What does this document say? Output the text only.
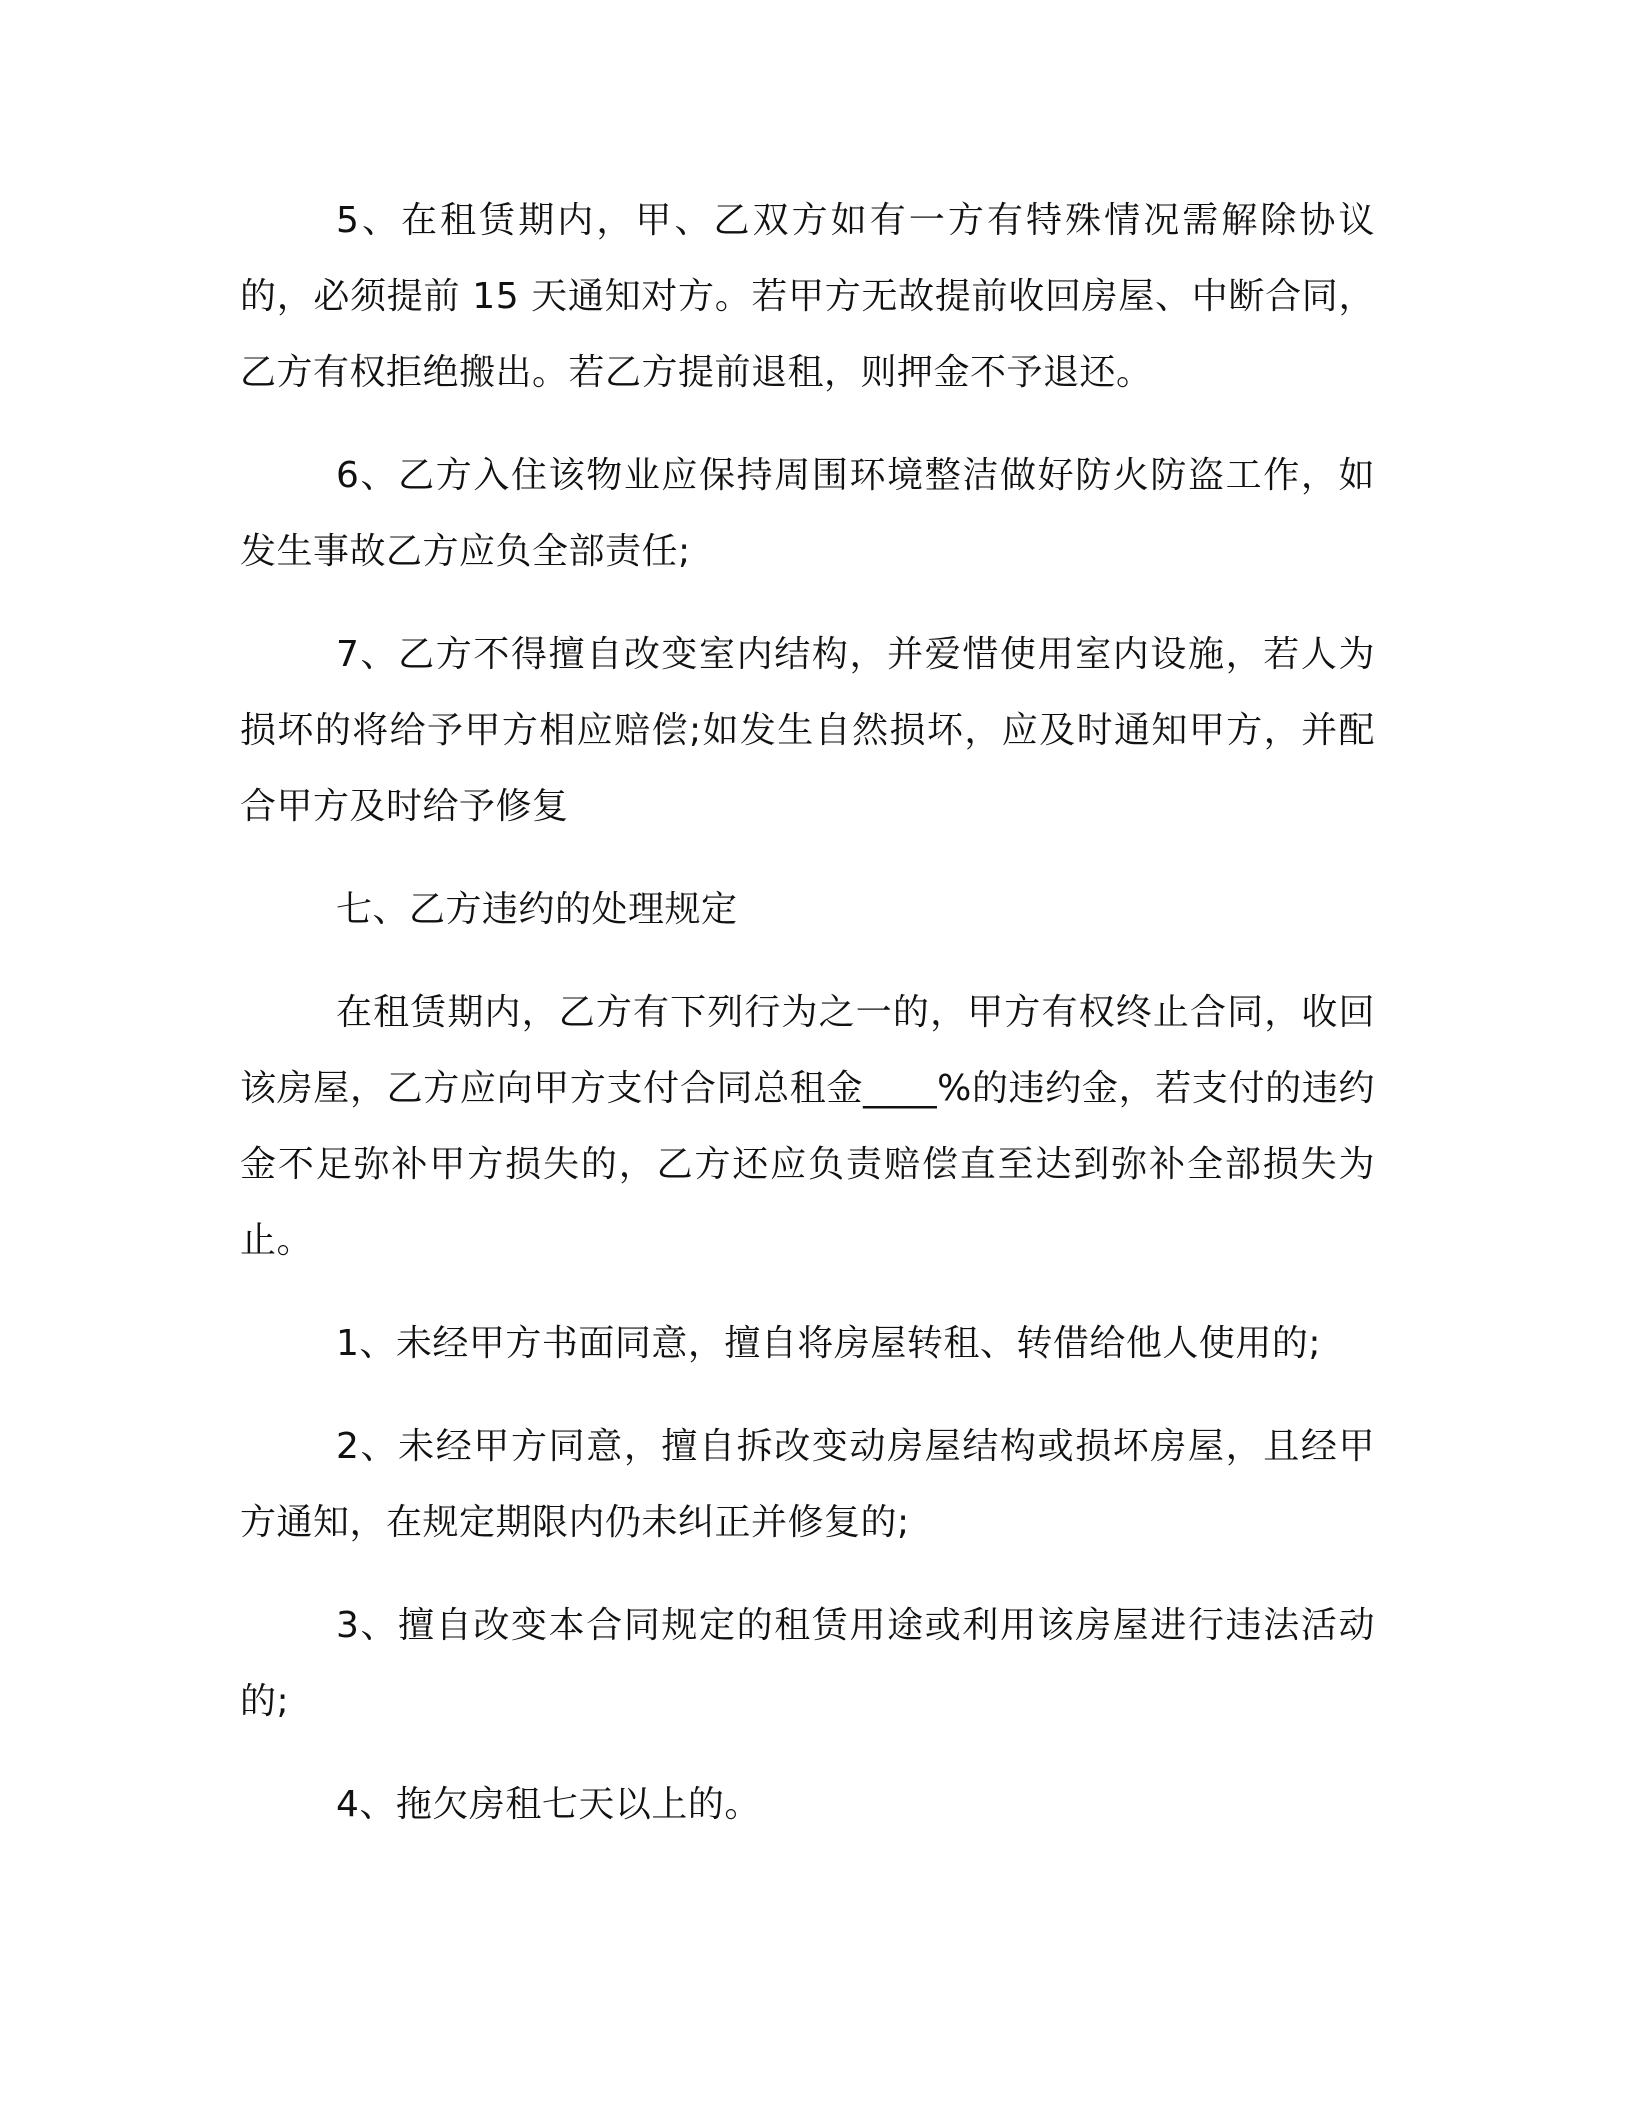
5、在租赁期内，甲、乙双方如有一方有特殊情况需解除协议的，必须提前 15 天通知对方。若甲方无故提前收回房屋、中断合同，乙方有权拒绝搬出。若乙方提前退租，则押金不予退还。

6、乙方入住该物业应保持周围环境整洁做好防火防盗工作，如发生事故乙方应负全部责任;

7、乙方不得擅自改变室内结构，并爱惜使用室内设施，若人为损坏的将给予甲方相应赔偿;如发生自然损坏，应及时通知甲方，并配合甲方及时给予修复

七、乙方违约的处理规定

在租赁期内，乙方有下列行为之一的，甲方有权终止合同，收回该房屋，乙方应向甲方支付合同总租金____%的违约金，若支付的违约金不足弥补甲方损失的，乙方还应负责赔偿直至达到弥补全部损失为止。

1、未经甲方书面同意，擅自将房屋转租、转借给他人使用的;

2、未经甲方同意，擅自拆改变动房屋结构或损坏房屋，且经甲方通知，在规定期限内仍未纠正并修复的;

3、擅自改变本合同规定的租赁用途或利用该房屋进行违法活动的;

4、拖欠房租七天以上的。
